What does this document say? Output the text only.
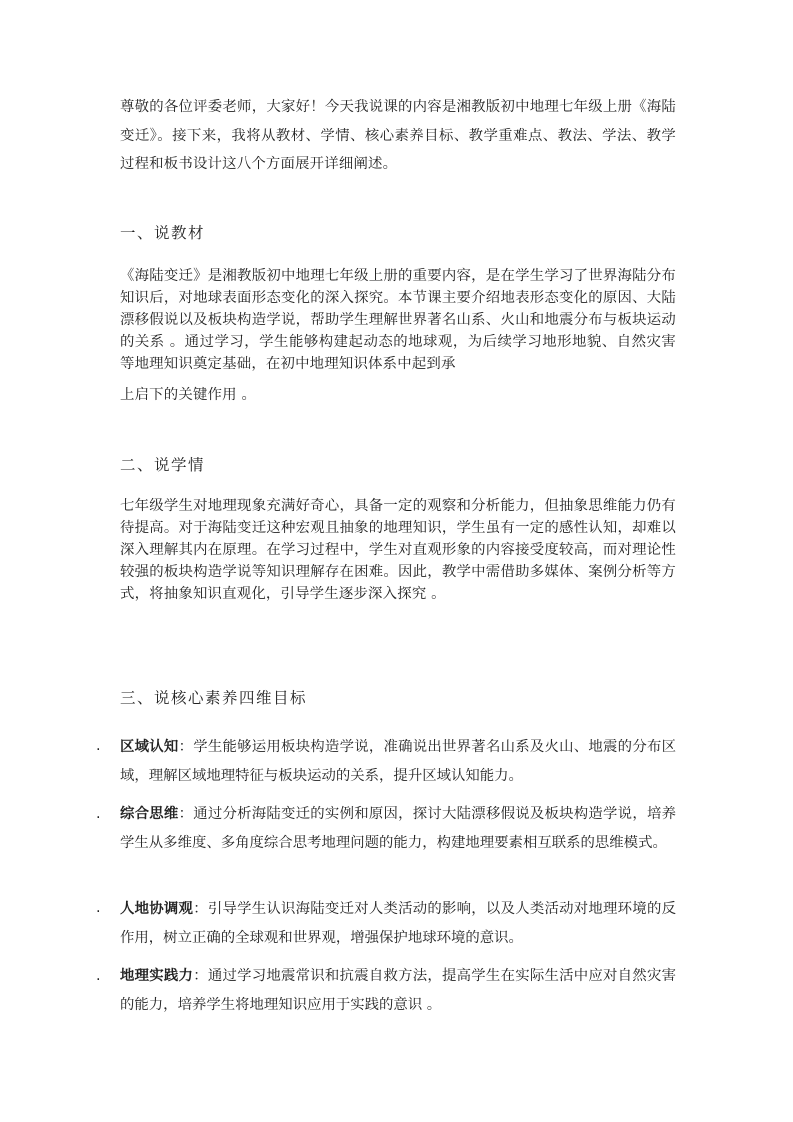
尊敬的各位评委老师，大家好！今天我说课的内容是湘教版初中地理七年级上册《海陆变迁》。接下来，我将从教材、学情、核心素养目标、教学重难点、教法、学法、教学过程和板书设计这八个方面展开详细阐述。

一、说教材

《海陆变迁》是湘教版初中地理七年级上册的重要内容，是在学生学习了世界海陆分布知识后，对地球表面形态变化的深入探究。本节课主要介绍地表形态变化的原因、大陆漂移假说以及板块构造学说，帮助学生理解世界著名山系、火山和地震分布与板块运动的关系 。通过学习，学生能够构建起动态的地球观，为后续学习地形地貌、自然灾害等地理知识奠定基础，在初中地理知识体系中起到承

上启下的关键作用 。
二、说学情

七年级学生对地理现象充满好奇心，具备一定的观察和分析能力，但抽象思维能力仍有待提高。对于海陆变迁这种宏观且抽象的地理知识，学生虽有一定的感性认知，却难以深入理解其内在原理。在学习过程中，学生对直观形象的内容接受度较高，而对理论性较强的板块构造学说等知识理解存在困难。因此，教学中需借助多媒体、案例分析等方式，将抽象知识直观化，引导学生逐步深入探究 。

三、说核心素养四维目标
. 区域认知：学生能够运用板块构造学说，准确说出世界著名山系及火山、地震的分布区域，理解区域地理特征与板块运动的关系，提升区域认知能力。

. 综合思维：通过分析海陆变迁的实例和原因，探讨大陆漂移假说及板块构造学说，培养学生从多维度、多角度综合思考地理问题的能力，构建地理要素相互联系的思维模式。

. 人地协调观：引导学生认识海陆变迁对人类活动的影响，以及人类活动对地理环境的反作用，树立正确的全球观和世界观，增强保护地球环境的意识。

. 地理实践力：通过学习地震常识和抗震自救方法，提高学生在实际生活中应对自然灾害的能力，培养学生将地理知识应用于实践的意识 。
